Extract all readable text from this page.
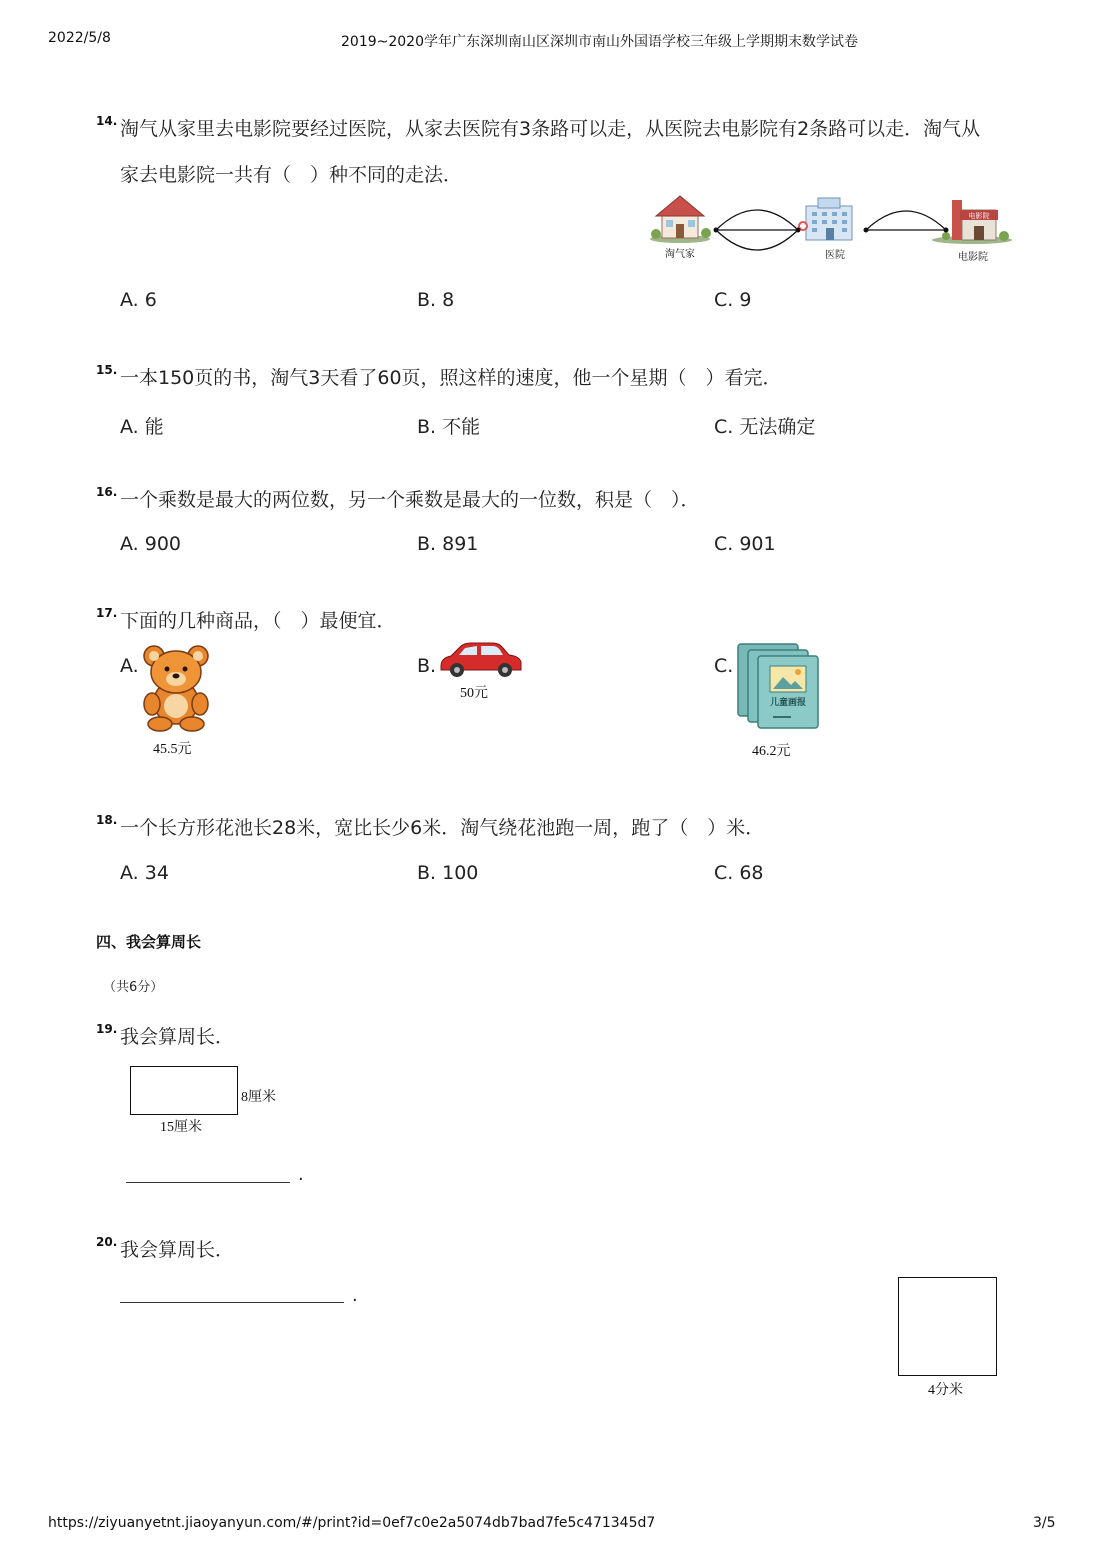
2022/5/8	2019~2020学年广东深圳南山区深圳市南山外国语学校三年级上学期期末数学试卷
14. 淘气从家里去电影院要经过医院，从家去医院有3条路可以走，从医院去电影院有2条路可以走．淘气从
家去电影院一共有（　）种不同的走法．
电影院
淘气家	医院	电影院
A. 6	B. 8	C. 9
15. 一本150页的书，淘气3天看了60页，照这样的速度，他一个星期（　）看完．
A. 能	B. 不能	C. 无法确定
16. 一个乘数是最大的两位数，另一个乘数是最大的一位数，积是（　）．
A. 900	B. 891	C. 901
17. 下面的几种商品，（　）最便宜．
A.	B.	C.
45.5元
50元
儿童画报
46.2元
18. 一个长方形花池长28米，宽比长少6米．淘气绕花池跑一周，跑了（　）米．
A. 34	B. 100	C. 68
四、我会算周长
（共6分）
19. 我会算周长．
8厘米
15厘米
.
20. 我会算周长．
.
4分米
https://ziyuanyetnt.jiaoyanyun.com/#/print?id=0ef7c0e2a5074db7bad7fe5c471345d7	3/5
